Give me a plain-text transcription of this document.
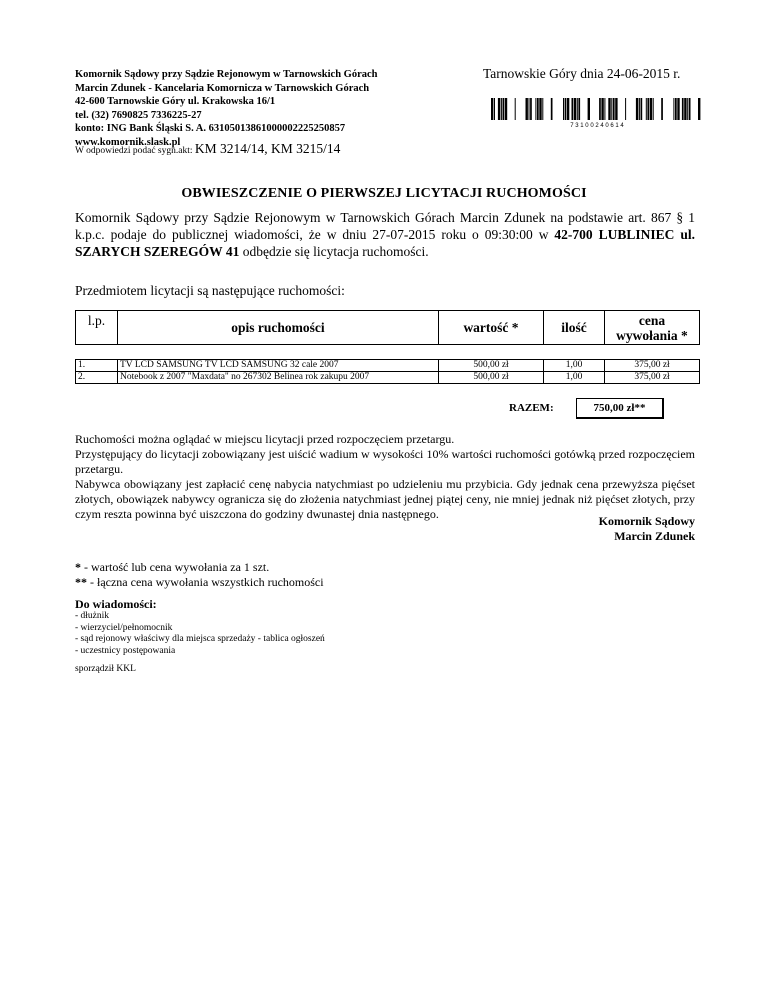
Komornik Sądowy przy Sądzie Rejonowym w Tarnowskich Górach
Marcin Zdunek - Kancelaria Komornicza w Tarnowskich Górach
42-600 Tarnowskie Góry ul. Krakowska 16/1
tel. (32) 7690825 7336225-27
konto: ING Bank Śląski S. A. 63105013861000002225250857
www.komornik.slask.pl
W odpowiedzi podać sygn.akt: KM 3214/14, KM 3215/14
Tarnowskie Góry dnia 24-06-2015 r.
7 3 1 0 0 2 4 0 6 1 4
OBWIESZCZENIE O PIERWSZEJ LICYTACJI RUCHOMOŚCI
Komornik Sądowy przy Sądzie Rejonowym w Tarnowskich Górach Marcin Zdunek na podstawie art. 867 § 1 k.p.c. podaje do publicznej wiadomości, że w dniu 27-07-2015 roku o 09:30:00 w 42-700 LUBLINIEC ul. SZARYCH SZEREGÓW 41 odbędzie się licytacja ruchomości.
Przedmiotem licytacji są następujące ruchomości:
l.p.	opis ruchomości	wartość *	ilość	cena
wywołania *
1.	TV LCD SAMSUNG TV LCD SAMSUNG 32 cale 2007	500,00 zł	1,00	375,00 zł
2.	Notebook z 2007 "Maxdata" no 267302 Belinea rok zakupu 2007	500,00 zł	1,00	375,00 zł
RAZEM:	750,00 zł**
Ruchomości można oglądać w miejscu licytacji przed rozpoczęciem przetargu.
Przystępujący do licytacji zobowiązany jest uiścić wadium w wysokości 10% wartości ruchomości gotówką przed rozpoczęciem przetargu.
Nabywca obowiązany jest zapłacić cenę nabycia natychmiast po udzieleniu mu przybicia. Gdy jednak cena przewyższa pięćset złotych, obowiązek nabywcy ogranicza się do złożenia natychmiast jednej piątej ceny, nie mniej jednak niż pięćset złotych, przy czym reszta powinna być uiszczona do godziny dwunastej dnia następnego.	Komornik Sądowy
Marcin Zdunek
* - wartość lub cena wywołania za 1 szt.
** - łączna cena wywołania wszystkich ruchomości
Do wiadomości:
- dłużnik
- wierzyciel/pełnomocnik
- sąd rejonowy właściwy dla miejsca sprzedaży - tablica ogłoszeń
- uczestnicy postępowania
sporządził KKL
